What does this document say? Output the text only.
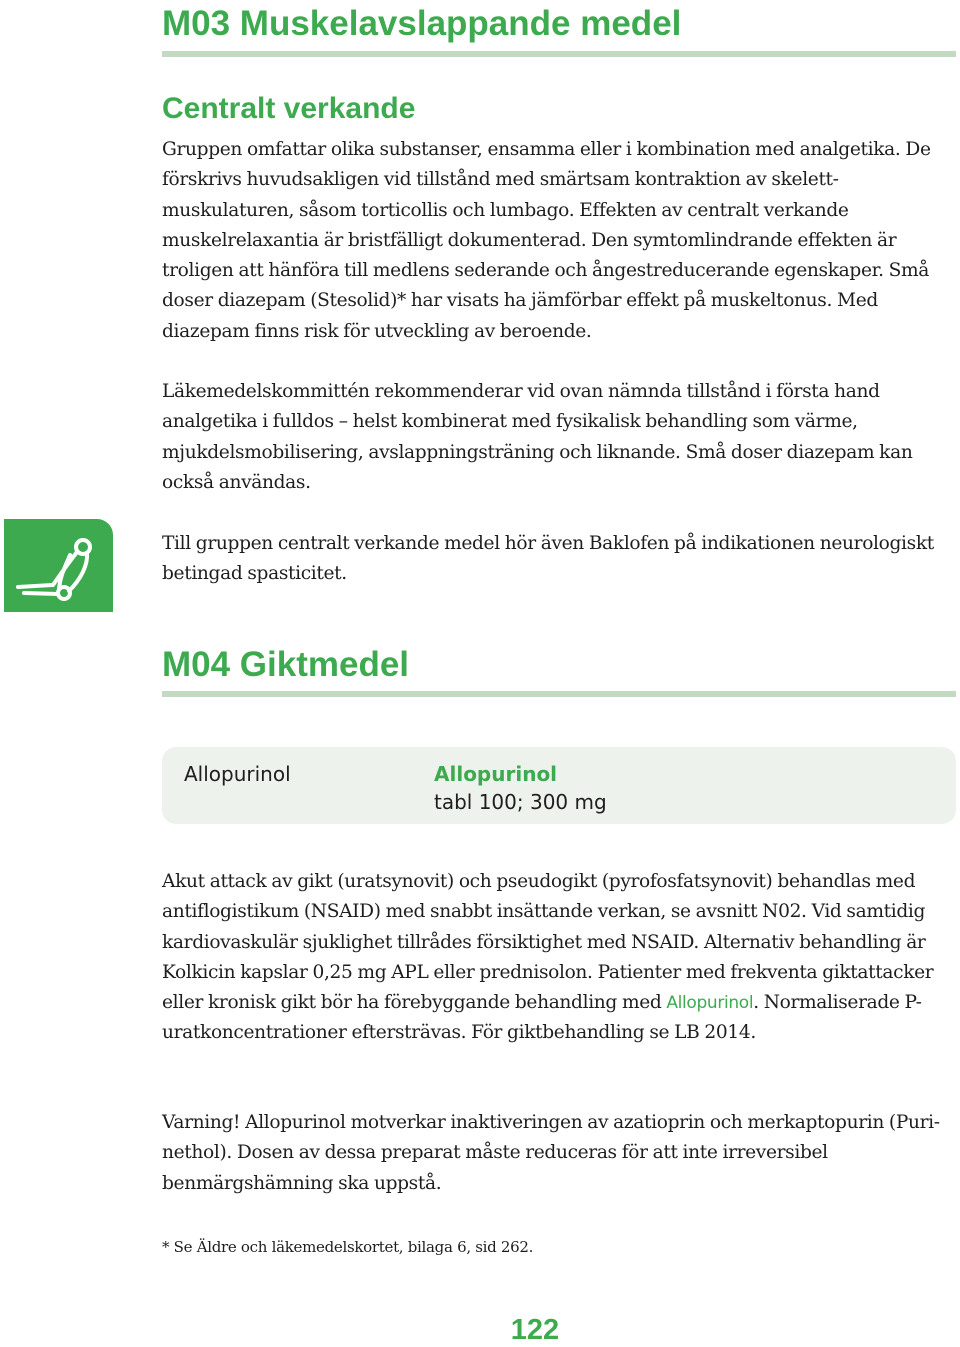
M03 Muskelavslappande medel
Centralt verkande

Gruppen omfattar olika substanser, ensamma eller i kombination med analgetika. De förskrivs huvudsakligen vid tillstånd med smärtsam kontraktion av skelett-muskulaturen, såsom torticollis och lumbago. Effekten av centralt verkande muskelrelaxantia är bristfälligt dokumenterad. Den symtomlindrande effekten är troligen att hänföra till medlens sederande och ångestreducerande egenskaper. Små doser diazepam (Stesolid)* har visats ha jämförbar effekt på muskeltonus. Med diazepam finns risk för utveckling av beroende.

Läkemedelskommittén rekommenderar vid ovan nämnda tillstånd i första hand analgetika i fulldos – helst kombinerat med fysikalisk behandling som värme, mjukdelsmobilisering, avslappningsträning och liknande. Små doser diazepam kan också användas.

Till gruppen centralt verkande medel hör även Baklofen på indikationen neurologiskt betingad spasticitet.

M04 Giktmedel

Allopurinol	Allopurinol
tabl 100; 300 mg

Akut attack av gikt (uratsynovit) och pseudogikt (pyrofosfatsynovit) behandlas med antiflogistikum (NSAID) med snabbt insättande verkan, se avsnitt N02. Vid samtidig kardiovaskulär sjuklighet tillrådes försiktighet med NSAID. Alternativ behandling är Kolkicin kapslar 0,25 mg APL eller prednisolon. Patienter med frekventa giktattacker eller kronisk gikt bör ha förebyggande behandling med Allopurinol. Normaliserade P-uratkoncentrationer eftersträvas. För giktbehandling se LB 2014.

Varning! Allopurinol motverkar inaktiveringen av azatioprin och merkaptopurin (Puri-nethol). Dosen av dessa preparat måste reduceras för att inte irreversibel benmärgshämning ska uppstå.

* Se Äldre och läkemedelskortet, bilaga 6, sid 262.

122
